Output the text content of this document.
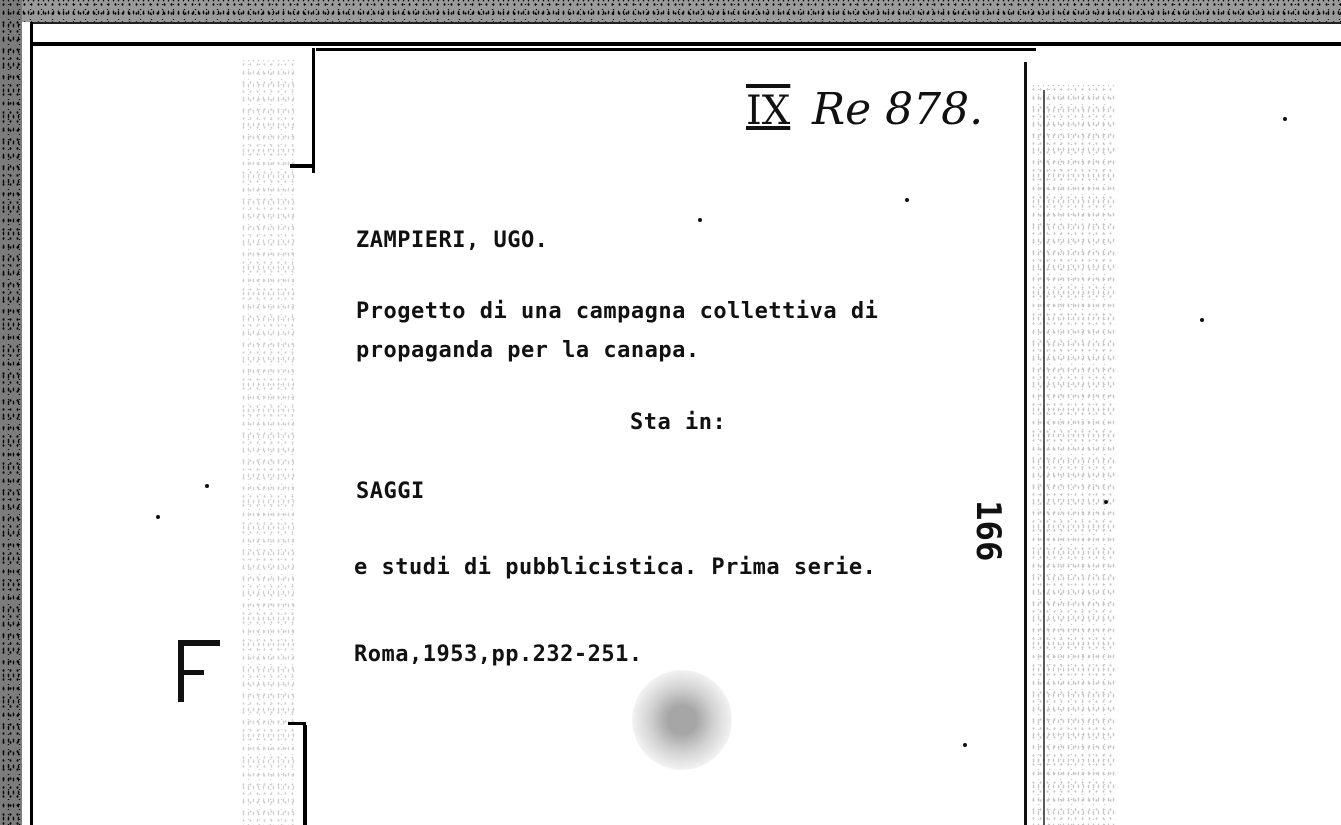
IX Re 878.
ZAMPIERI, UGO.
Progetto di una campagna collettiva di
propaganda per la canapa.
Sta in:
SAGGI
e studi di pubblicistica. Prima serie.
Roma,1953,pp.232-251.
166
